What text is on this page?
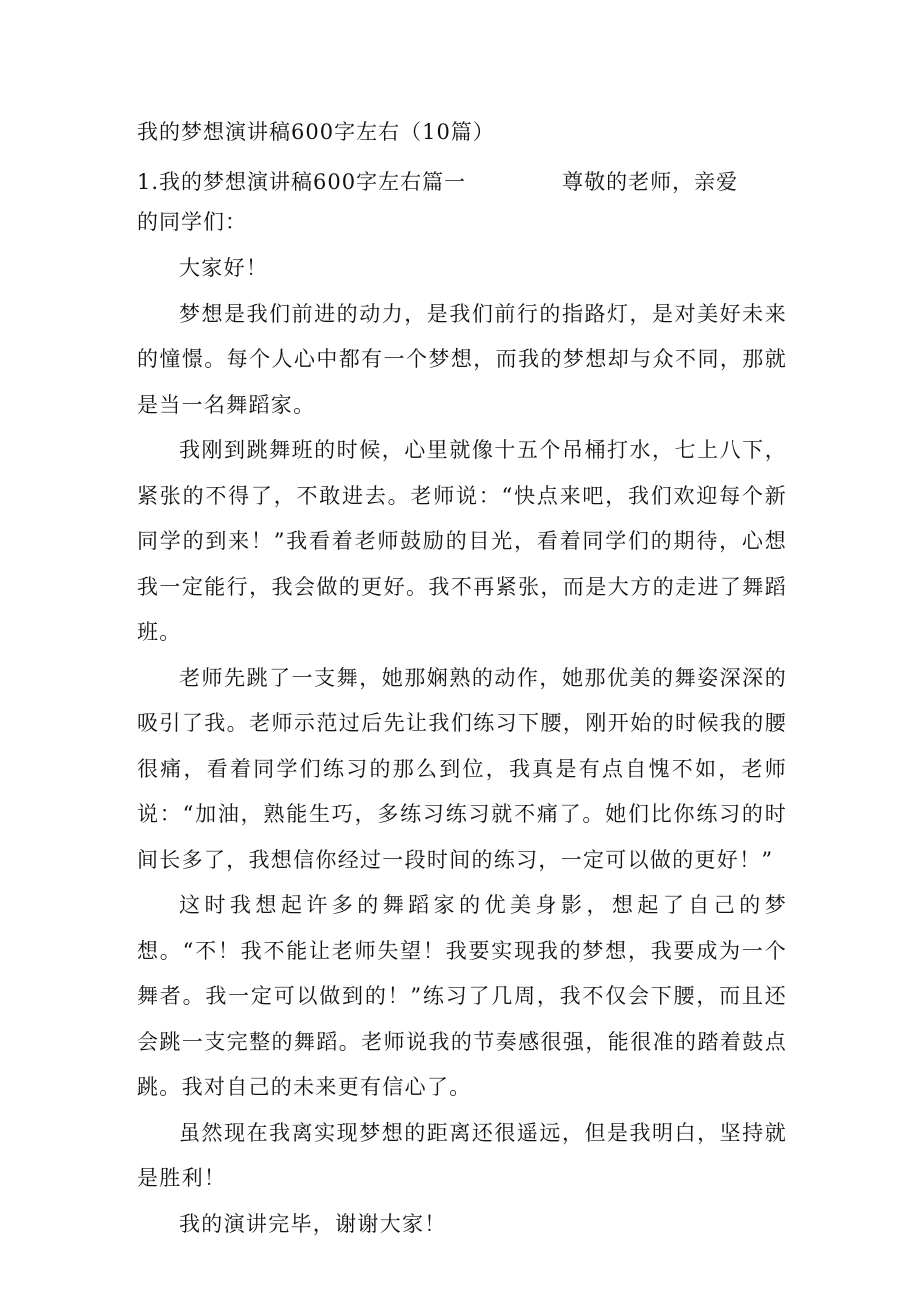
我的梦想演讲稿600字左右（10篇）
1.我的梦想演讲稿600字左右篇一	尊敬的老师，亲爱
的同学们：

大家好！

梦想是我们前进的动力，是我们前行的指路灯，是对美好未来的憧憬。每个人心中都有一个梦想，而我的梦想却与众不同，那就是当一名舞蹈家。

我刚到跳舞班的时候，心里就像十五个吊桶打水，七上八下，紧张的不得了，不敢进去。老师说：“快点来吧，我们欢迎每个新同学的到来！”我看着老师鼓励的目光，看着同学们的期待，心想我一定能行，我会做的更好。我不再紧张，而是大方的走进了舞蹈班。

老师先跳了一支舞，她那娴熟的动作，她那优美的舞姿深深的吸引了我。老师示范过后先让我们练习下腰，刚开始的时候我的腰很痛，看着同学们练习的那么到位，我真是有点自愧不如，老师说：“加油，熟能生巧，多练习练习就不痛了。她们比你练习的时间长多了，我想信你经过一段时间的练习，一定可以做的更好！”

这时我想起许多的舞蹈家的优美身影，想起了自己的梦想。“不！我不能让老师失望！我要实现我的梦想，我要成为一个舞者。我一定可以做到的！”练习了几周，我不仅会下腰，而且还会跳一支完整的舞蹈。老师说我的节奏感很强，能很准的踏着鼓点跳。我对自己的未来更有信心了。

虽然现在我离实现梦想的距离还很遥远，但是我明白，坚持就是胜利！

我的演讲完毕，谢谢大家！
